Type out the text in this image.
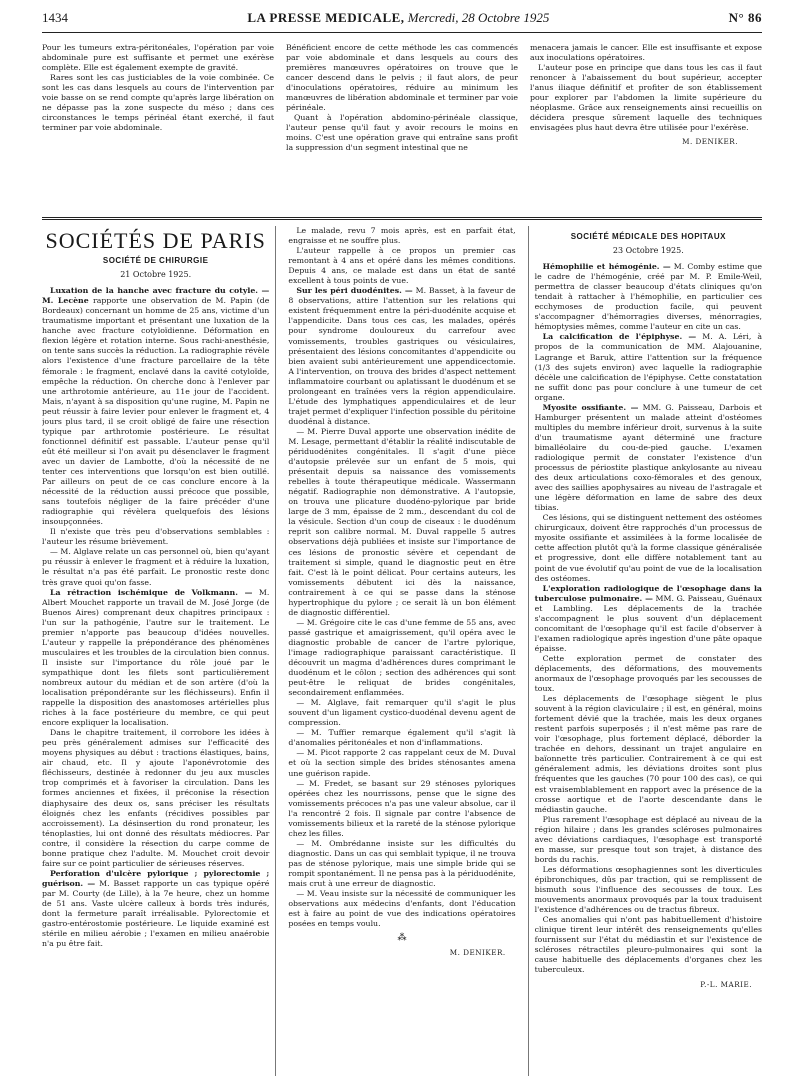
1434	LA PRESSE MEDICALE, Mercredi, 28 Octobre 1925	N° 86

Pour les tumeurs extra-péritonéales, l'opération par voie abdominale pure est suffisante et permet une exérèse complète. Elle est également exempte de gravité.

Rares sont les cas justiciables de la voie combinée. Ce sont les cas dans lesquels au cours de l'intervention par voie basse on se rend compte qu'après large libération on ne dépasse pas la zone suspecte du méso ; dans ces circonstances le temps périnéal étant exerché, il faut terminer par voie abdominale.

Bénéficient encore de cette méthode les cas commencés par voie abdominale et dans lesquels au cours des premières manœuvres opératoires on trouve que le cancer descend dans le pelvis ; il faut alors, de peur d'inoculations opératoires, réduire au minimum les manœuvres de libération abdominale et terminer par voie périnéale.

Quant à l'opération abdomino-périnéale classique, l'auteur pense qu'il faut y avoir recours le moins en moins. C'est une opération grave qui entraîne sans profit la suppression d'un segment intestinal que ne

menacera jamais le cancer. Elle est insuffisante et expose aux inoculations opératoires.

L'auteur pose en principe que dans tous les cas il faut renoncer à l'abaissement du bout supérieur, accepter l'anus iliaque définitif et profiter de son établissement pour explorer par l'abdomen la limite supérieure du néoplasme. Grâce aux renseignements ainsi recueillis on décidera presque sûrement laquelle des techniques envisagées plus haut devra être utilisée pour l'exérèse.

M. DENIKER.
SOCIÉTÉS DE PARIS
SOCIÉTÉ DE CHIRURGIE
21 Octobre 1925.

Luxation de la hanche avec fracture du cotyle. — M. Lecène rapporte une observation de M. Papin (de Bordeaux) concernant un homme de 25 ans, victime d'un traumatisme important et présentant une luxation de la hanche avec fracture cotyloïdienne. Déformation en flexion légère et rotation interne. Sous rachi-anesthésie, on tente sans succès la réduction. La radiographie révèle alors l'existence d'une fracture parcellaire de la tête fémorale : le fragment, enclavé dans la cavité cotyloïde, empêche la réduction. On cherche donc à l'enlever par une arthrotomie antérieure, au 11e jour de l'accident. Mais, n'ayant à sa disposition qu'une rugine, M. Papin ne peut réussir à faire levier pour enlever le fragment et, 4 jours plus tard, il se croit obligé de faire une résection typique par arthrotomie postérieure. Le résultat fonctionnel définitif est passable. L'auteur pense qu'il eût été meilleur si l'on avait pu désenclaver le fragment avec un davier de Lambotte, d'où la nécessité de ne tenter ces interventions que lorsqu'on est bien outillé. Par ailleurs on peut de ce cas conclure encore à la nécessité de la réduction aussi précoce que possible, sans toutefois négliger de la faire précéder d'une radiographie qui révèlera quelquefois des lésions insoupçonnées.

Il n'existe que très peu d'observations semblables : l'auteur les résume brièvement.

— M. Alglave relate un cas personnel où, bien qu'ayant pu réussir à enlever le fragment et à réduire la luxation, le résultat n'a pas été parfait. Le pronostic reste donc très grave quoi qu'on fasse.

La rétraction ischémique de Volkmann. — M. Albert Mouchet rapporte un travail de M. José Jorge (de Buenos Aires) comprenant deux chapitres principaux : l'un sur la pathogénie, l'autre sur le traitement. Le premier n'apporte pas beaucoup d'idées nouvelles. L'auteur y rappelle la prépondérance des phénomènes musculaires et les troubles de la circulation bien connus. Il insiste sur l'importance du rôle joué par le sympathique dont les filets sont particulièrement nombreux autour du médian et de son artère (d'où la localisation prépondérante sur les fléchisseurs). Enfin il rappelle la disposition des anastomoses artérielles plus riches à la face postérieure du membre, ce qui peut encore expliquer la localisation.

Dans le chapitre traitement, il corrobore les idées à peu près généralement admises sur l'efficacité des moyens physiques au début : tractions élastiques, bains, air chaud, etc. Il y ajoute l'aponévrotomie des fléchisseurs, destinée à redonner du jeu aux muscles trop comprimés et à favoriser la circulation. Dans les formes anciennes et fixées, il préconise la résection diaphysaire des deux os, sans préciser les résultats éloignés chez les enfants (récidives possibles par accroissement). La désinsertion du rond pronateur, les ténoplasties, lui ont donné des résultats médiocres. Par contre, il considère la résection du carpe comme de bonne pratique chez l'adulte. M. Mouchet croit devoir faire sur ce point particulier de sérieuses réserves.

Perforation d'ulcère pylorique ; pylorectomie ; guérison. — M. Basset rapporte un cas typique opéré par M. Courty (de Lille), à la 7e heure, chez un homme de 51 ans. Vaste ulcère calleux à bords très indurés, dont la fermeture paraît irréalisable. Pylorectomie et gastro-entérostomie postérieure. Le liquide examiné est stérile en milieu aérobie ; l'examen en milieu anaérobie n'a pu être fait.

Le malade, revu 7 mois après, est en parfait état, engraisse et ne souffre plus.

L'auteur rappelle à ce propos un premier cas remontant à 4 ans et opéré dans les mêmes conditions. Depuis 4 ans, ce malade est dans un état de santé excellent à tous points de vue.

Sur les péri duodénites. — M. Basset, à la faveur de 8 observations, attire l'attention sur les relations qui existent fréquemment entre la péri-duodénite acquise et l'appendicite. Dans tous ces cas, les malades, opérés pour syndrome douloureux du carrefour avec vomissements, troubles gastriques ou vésiculaires, présentaient des lésions concomitantes d'appendicite ou bien avaient subi antérieurement une appendicectomie. A l'intervention, on trouva des brides d'aspect nettement inflammatoire courbant ou aplatissant le duodénum et se prolongeant en traînées vers la région appendiculaire. L'étude des lymphatiques appendiculaires et de leur trajet permet d'expliquer l'infection possible du péritoine duodénal à distance.

— M. Pierre Duval apporte une observation inédite de M. Lesage, permettant d'établir la réalité indiscutable de périduodénites congénitales. Il s'agit d'une pièce d'autopsie prélevée sur un enfant de 5 mois, qui présentait depuis sa naissance des vomissements rebelles à toute thérapeutique médicale. Wassermann négatif. Radiographie non démonstrative. A l'autopsie, on trouva une plicature duodéno-pylorique par bride large de 3 mm, épaisse de 2 mm., descendant du col de la vésicule. Section d'un coup de ciseaux : le duodénum reprit son calibre normal. M. Duval rappelle 5 autres observations déjà publiées et insiste sur l'importance de ces lésions de pronostic sévère et cependant de traitement si simple, quand le diagnostic peut en être fait. C'est là le point délicat. Pour certains auteurs, les vomissements débutent ici dès la naissance, contrairement à ce qui se passe dans la sténose hypertrophique du pylore ; ce serait là un bon élément de diagnostic différentiel.

— M. Grégoire cite le cas d'une femme de 55 ans, avec passé gastrique et amaigrissement, qu'il opéra avec le diagnostic probable de cancer de l'artre pylorique, l'image radiographique paraissant caractéristique. Il découvrit un magma d'adhérences dures comprimant le duodénum et le côlon ; section des adhérences qui sont peut-être le reliquat de brides congénitales, secondairement enflammées.

— M. Alglave, fait remarquer qu'il s'agit le plus souvent d'un ligament cystico-duodénal devenu agent de compression.

— M. Tuffier remarque également qu'il s'agit là d'anomalies péritonéales et non d'inflammations.

— M. Picot rapporte 2 cas rappelant ceux de M. Duval et où la section simple des brides sténosantes amena une guérison rapide.

— M. Fredet, se basant sur 29 sténoses pyloriques opérées chez les nourrissons, pense que le signe des vomissements précoces n'a pas une valeur absolue, car il l'a rencontré 2 fois. Il signale par contre l'absence de vomissements bilieux et la rareté de la sténose pylorique chez les filles.

— M. Ombrédanne insiste sur les difficultés du diagnostic. Dans un cas qui semblait typique, il ne trouva pas de sténose pylorique, mais une simple bride qui se rompit spontanément. Il ne pensa pas à la périduodénite, mais crut à une erreur de diagnostic.

— M. Veau insiste sur la nécessité de communiquer les observations aux médecins d'enfants, dont l'éducation est à faire au point de vue des indications opératoires posées en temps voulu.

⁂
M. DENIKER.
SOCIÉTÉ MÉDICALE DES HOPITAUX
23 Octobre 1925.

Hémophilie et hémogénie. — M. Comby estime que le cadre de l'hémogénie, créé par M. P. Emile-Weil, permettra de classer beaucoup d'états cliniques qu'on tendait à rattacher à l'hémophilie, en particulier ces ecchymoses de production facile, qui peuvent s'accompagner d'hémorragies diverses, ménorragies, hémoptysies mêmes, comme l'auteur en cite un cas.

La calcification de l'épiphyse. — M. A. Léri, à propos de la communication de MM. Alajouanine, Lagrange et Baruk, attire l'attention sur la fréquence (1/3 des sujets environ) avec laquelle la radiographie décèle une calcification de l'épiphyse. Cette constatation ne suffit donc pas pour conclure à une tumeur de cet organe.

Myosite ossifiante. — MM. G. Paisseau, Darbois et Hamburger présentent un malade atteint d'ostéomes multiples du membre inférieur droit, survenus à la suite d'un traumatisme ayant déterminé une fracture bimalléolaire du cou-de-pied gauche. L'examen radiologique permit de constater l'existence d'un processus de périostite plastique ankylosante au niveau des deux articulations coxo-fémorales et des genoux, avec des saillies apophysaires au niveau de l'astragale et une légère déformation en lame de sabre des deux tibias.

Ces lésions, qui se distinguent nettement des ostéomes chirurgicaux, doivent être rapprochés d'un processus de myosite ossifiante et assimilées à la forme localisée de cette affection plutôt qu'à la forme classique généralisée et progressive, dont elle diffère notablement tant au point de vue évolutif qu'au point de vue de la localisation des ostéomes.

L'exploration radiologique de l'œsophage dans la tuberculose pulmonaire. — MM. G. Paisseau, Guénaux et Lambling. Les déplacements de la trachée s'accompagnent le plus souvent d'un déplacement concomitant de l'œsophage qu'il est facile d'observer à l'examen radiologique après ingestion d'une pâte opaque épaisse.

Cette exploration permet de constater des déplacements, des déformations, des mouvements anormaux de l'œsophage provoqués par les secousses de toux.

Les déplacements de l'œsophage siègent le plus souvent à la région claviculaire ; il est, en général, moins fortement dévié que la trachée, mais les deux organes restent parfois superposés ; il n'est même pas rare de voir l'œsophage, plus fortement déplacé, déborder la trachée en dehors, dessinant un trajet angulaire en baïonnette très particulier. Contrairement à ce qui est généralement admis, les déviations droites sont plus fréquentes que les gauches (70 pour 100 des cas), ce qui est vraisemblablement en rapport avec la présence de la crosse aortique et de l'aorte descendante dans le médiastin gauche.

Plus rarement l'œsophage est déplacé au niveau de la région hilaire ; dans les grandes scléroses pulmonaires avec déviations cardiaques, l'œsophage est transporté en masse, sur presque tout son trajet, à distance des bords du rachis.

Les déformations œsophagiennes sont les diverticules épibronchiques, dûs par traction, qui se remplissent de bismuth sous l'influence des secousses de toux. Les mouvements anormaux provoqués par la toux traduisent l'existence d'adhérences ou de tractus fibreux.

Ces anomalies qui n'ont pas habituellement d'histoire clinique tirent leur intérêt des renseignements qu'elles fournissent sur l'état du médiastin et sur l'existence de scléroses rétractiles pleuro-pulmonaires qui sont la cause habituelle des déplacements d'organes chez les tuberculeux.

P.-L. MARIE.
